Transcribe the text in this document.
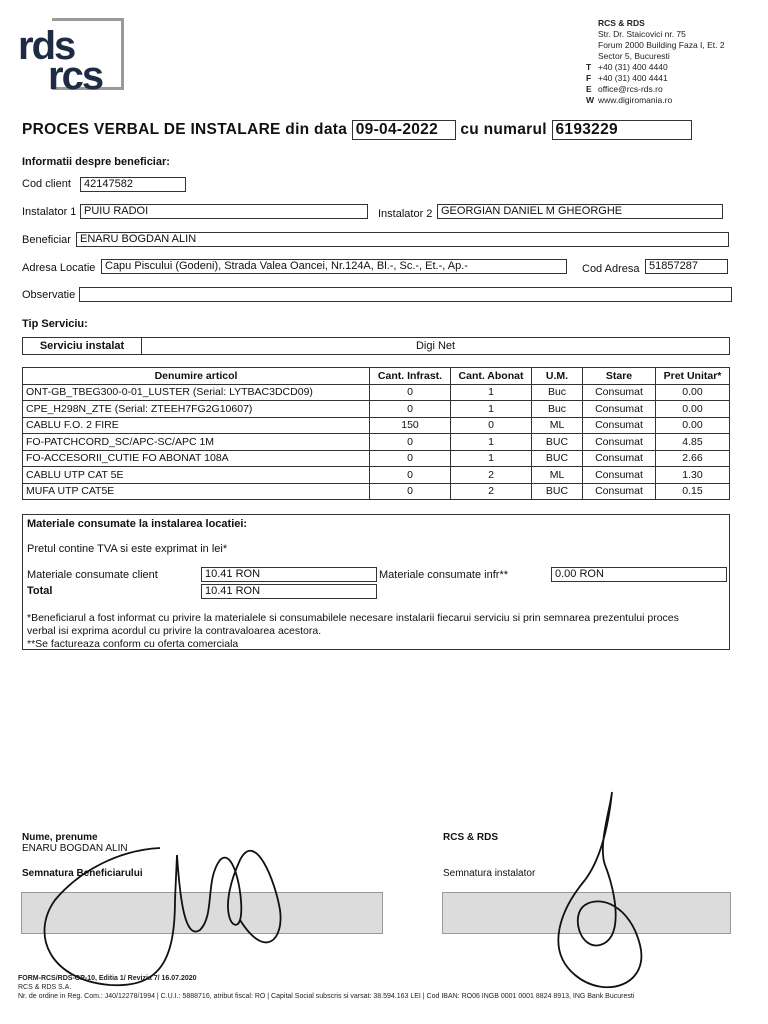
rds
rcs
RCS & RDS
Str. Dr. Staicovici nr. 75
Forum 2000 Building Faza I, Et. 2
Sector 5, Bucuresti
T +40 (31) 400 4440
F +40 (31) 400 4441
E office@rcs-rds.ro
W www.digiromania.ro
PROCES VERBAL DE INSTALARE din data 09-04-2022 cu numarul 6193229
Informatii despre beneficiar:
Cod client	42147582
Instalator 1 PUIU RADOI	Instalator 2 GEORGIAN DANIEL M GHEORGHE
Beneficiar ENARU BOGDAN ALIN
Adresa Locatie Capu Piscului (Godeni), Strada Valea Oancei, Nr.124A, Bl.-, Sc.-, Et.-, Ap.-	Cod Adresa 51857287
Observatie
Tip Serviciu:
Serviciu instalat	Digi Net
Denumire articol	Cant. Infrast.	Cant. Abonat	U.M.	Stare	Pret Unitar*
ONT-GB_TBEG300-0-01_LUSTER (Serial: LYTBAC3DCD09)	0	1	Buc	Consumat	0.00
CPE_H298N_ZTE (Serial: ZTEEH7FG2G10607)	0	1	Buc	Consumat	0.00
CABLU F.O. 2 FIRE	150	0	ML	Consumat	0.00
FO-PATCHCORD_SC/APC-SC/APC 1M	0	1	BUC	Consumat	4.85
FO-ACCESORII_CUTIE FO ABONAT 108A	0	1	BUC	Consumat	2.66
CABLU UTP CAT 5E	0	2	ML	Consumat	1.30
MUFA UTP CAT5E	0	2	BUC	Consumat	0.15
Materiale consumate la instalarea locatiei:
Pretul contine TVA si este exprimat in lei*
Materiale consumate client	10.41 RON	Materiale consumate infr**	0.00 RON
Total	10.41 RON
*Beneficiarul a fost informat cu privire la materialele si consumabilele necesare instalarii fiecarui serviciu si prin semnarea prezentului proces
verbal isi exprima acordul cu privire la contravaloarea acestora.
**Se factureaza conform cu oferta comerciala
Nume, prenume
ENARU BOGDAN ALIN
Semnatura Beneficiarului
RCS & RDS
Semnatura instalator
FORM-RCS/RDS-OP-10, Editia 1/ Revizia 7/ 16.07.2020
RCS & RDS S.A.
Nr. de ordine in Reg. Com.: J40/12278/1994 | C.U.I.: 5888716, atribut fiscal: RO | Capital Social subscris si varsat: 38.594.163 LEI | Cod IBAN: RO06 INGB 0001 0001 8824 8913, ING Bank Bucuresti
